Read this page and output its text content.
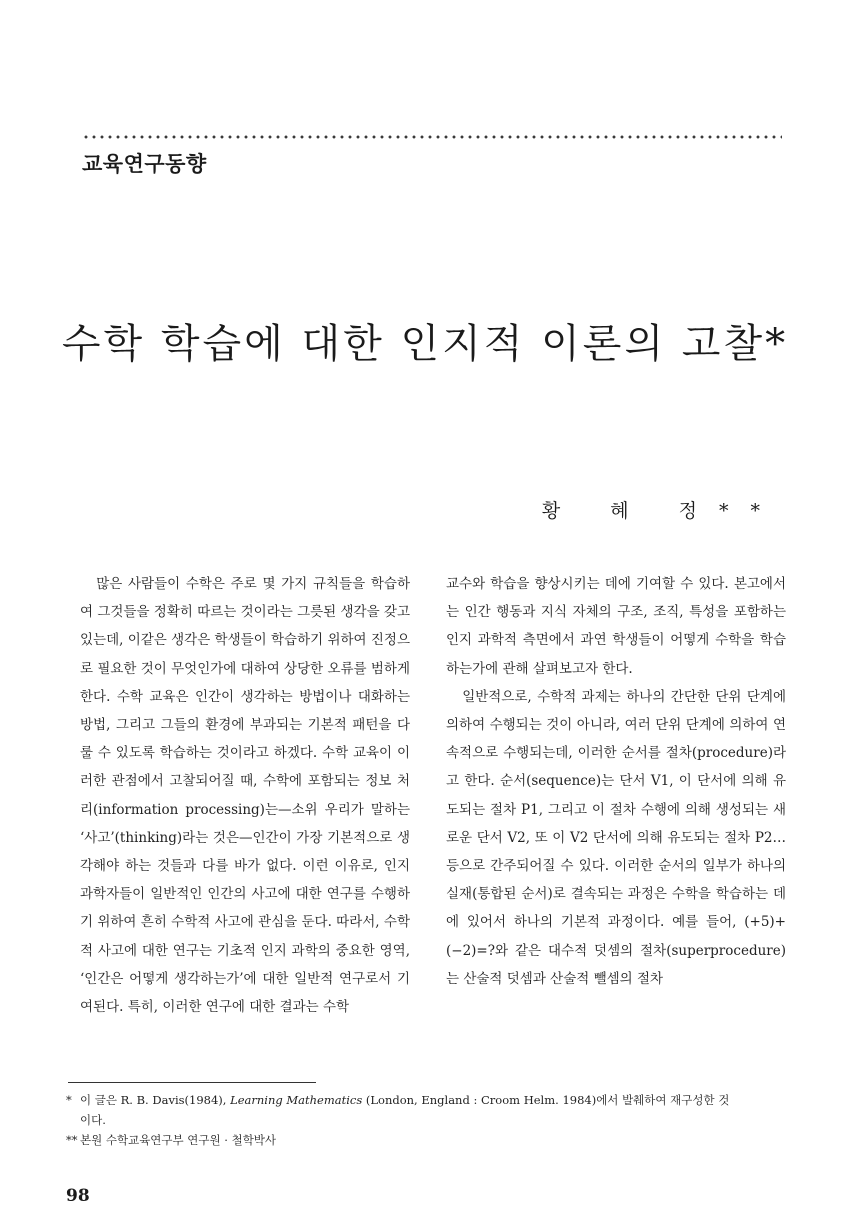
교육연구동향
수학 학습에 대한 인지적 이론의 고찰*
황 혜 정**

많은 사람들이 수학은 주로 몇 가지 규칙들을 학습하여 그것들을 정확히 따르는 것이라는 그릇된 생각을 갖고 있는데, 이같은 생각은 학생들이 학습하기 위하여 진정으로 필요한 것이 무엇인가에 대하여 상당한 오류를 범하게 한다. 수학 교육은 인간이 생각하는 방법이나 대화하는 방법, 그리고 그들의 환경에 부과되는 기본적 패턴을 다룰 수 있도록 학습하는 것이라고 하겠다. 수학 교육이 이러한 관점에서 고찰되어질 때, 수학에 포함되는 정보 처리(information processing)는—소위 우리가 말하는 ‘사고’(thinking)라는 것은—인간이 가장 기본적으로 생각해야 하는 것들과 다를 바가 없다. 이런 이유로, 인지 과학자들이 일반적인 인간의 사고에 대한 연구를 수행하기 위하여 흔히 수학적 사고에 관심을 둔다. 따라서, 수학적 사고에 대한 연구는 기초적 인지 과학의 중요한 영역, ‘인간은 어떻게 생각하는가’에 대한 일반적 연구로서 기여된다. 특히, 이러한 연구에 대한 결과는 수학

교수와 학습을 향상시키는 데에 기여할 수 있다. 본고에서는 인간 행동과 지식 자체의 구조, 조직, 특성을 포함하는 인지 과학적 측면에서 과연 학생들이 어떻게 수학을 학습하는가에 관해 살펴보고자 한다.

일반적으로, 수학적 과제는 하나의 간단한 단위 단계에 의하여 수행되는 것이 아니라, 여러 단위 단계에 의하여 연속적으로 수행되는데, 이러한 순서를 절차(procedure)라고 한다. 순서(sequence)는 단서 V1, 이 단서에 의해 유도되는 절차 P1, 그리고 이 절차 수행에 의해 생성되는 새로운 단서 V2, 또 이 V2 단서에 의해 유도되는 절차 P2… 등으로 간주되어질 수 있다. 이러한 순서의 일부가 하나의 실재(통합된 순서)로 결속되는 과정은 수학을 학습하는 데에 있어서 하나의 기본적 과정이다. 예를 들어, (+5)+(−2)=?와 같은 대수적 덧셈의 절차(superprocedure)는 산술적 덧셈과 산술적 뺄셈의 절차

* 이 글은 R. B. Davis(1984), Learning Mathematics (London, England : Croom Helm. 1984)에서 발췌하여 재구성한 것
이다.
** 본원 수학교육연구부 연구원 · 철학박사
98
